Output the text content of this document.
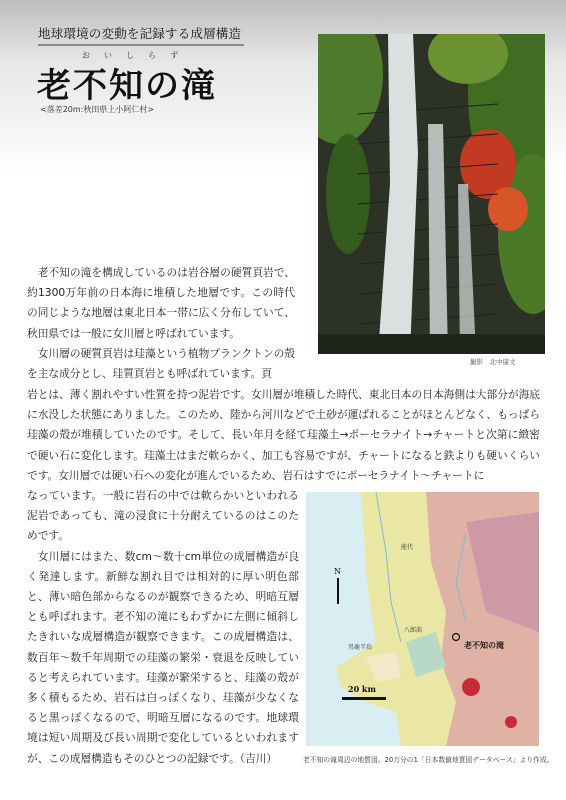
地球環境の変動を記録する成層構造
おいしらず
老不知の滝
<落差20m:秋田県上小阿仁村>
撮影　北中康文

老不知の滝を構成しているのは岩谷層の硬質頁岩で、約1300万年前の日本海に堆積した地層です。この時代の同じような地層は東北日本一帯に広く分布していて、秋田県では一般に女川層と呼ばれています。

女川層の硬質頁岩は珪藻という植物プランクトンの殻を主な成分とし、珪質頁岩とも呼ばれています。頁

岩とは、薄く割れやすい性質を持つ泥岩です。女川層が堆積した時代、東北日本の日本海側は大部分が海底に水没した状態にありました。このため、陸から河川などで土砂が運ばれることがほとんどなく、もっぱら珪藻の殻が堆積していたのです。そして、長い年月を経て珪藻土→ポーセラナイト→チャートと次第に緻密で硬い石に変化します。珪藻土はまだ軟らかく、加工も容易ですが、チャートになると鉄よりも硬いくらいです。女川層では硬い石への変化が進んでいるため、岩石はすでにポーセラナイト～チャートに

なっています。一般に岩石の中では軟らかいといわれる泥岩であっても、滝の浸食に十分耐えているのはこのためです。

女川層にはまた、数cm～数十cm単位の成層構造が良く発達します。新鮮な割れ目では相対的に厚い明色部と、薄い暗色部からなるのが観察できるため、明暗互層とも呼ばれます。老不知の滝にもわずかに左側に傾斜したきれいな成層構造が観察できます。この成層構造は、数百年～数千年周期での珪藻の繁栄・衰退を反映していると考えられています。珪藻が繁栄すると、珪藻の殻が多く積もるため、岩石は白っぽくなり、珪藻が少なくなると黒っぽくなるので、明暗互層になるのです。地球環境は短い周期及び長い周期で変化しているといわれますが、この成層構造もそのひとつの記録です。（吉川）

N
老不知の滝
男鹿半島
八郎潟
能代
20 km
老不知の滝周辺の地質図。20万分の1「日本数値地質図データベース」より作成。
